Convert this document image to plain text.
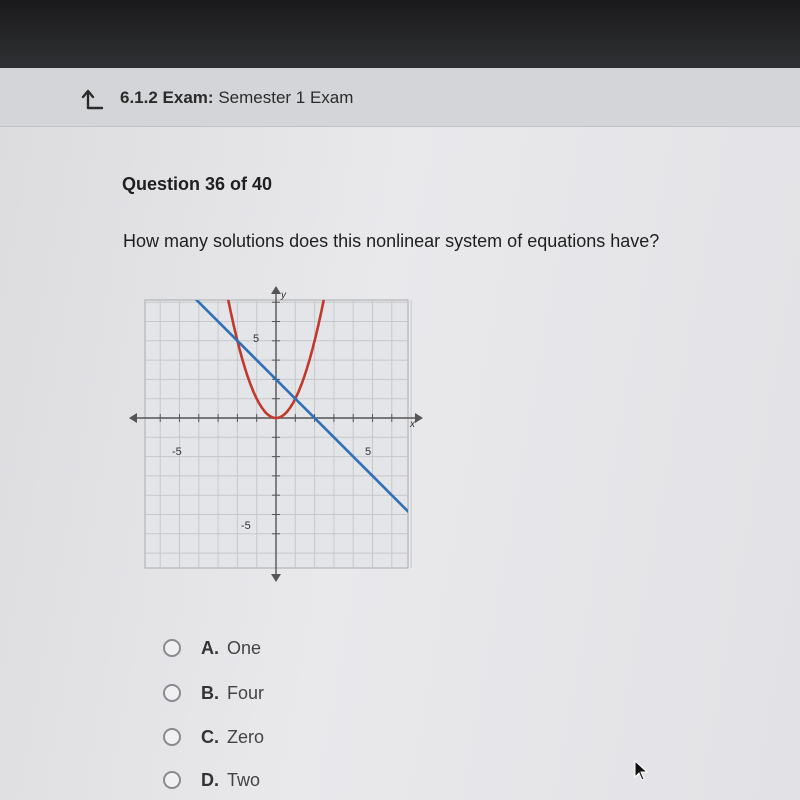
6.1.2 Exam: Semester 1 Exam
Question 36 of 40
How many solutions does this nonlinear system of equations have?
x
y
-5	5
5
-5
A. One
B. Four
C. Zero
D. Two
